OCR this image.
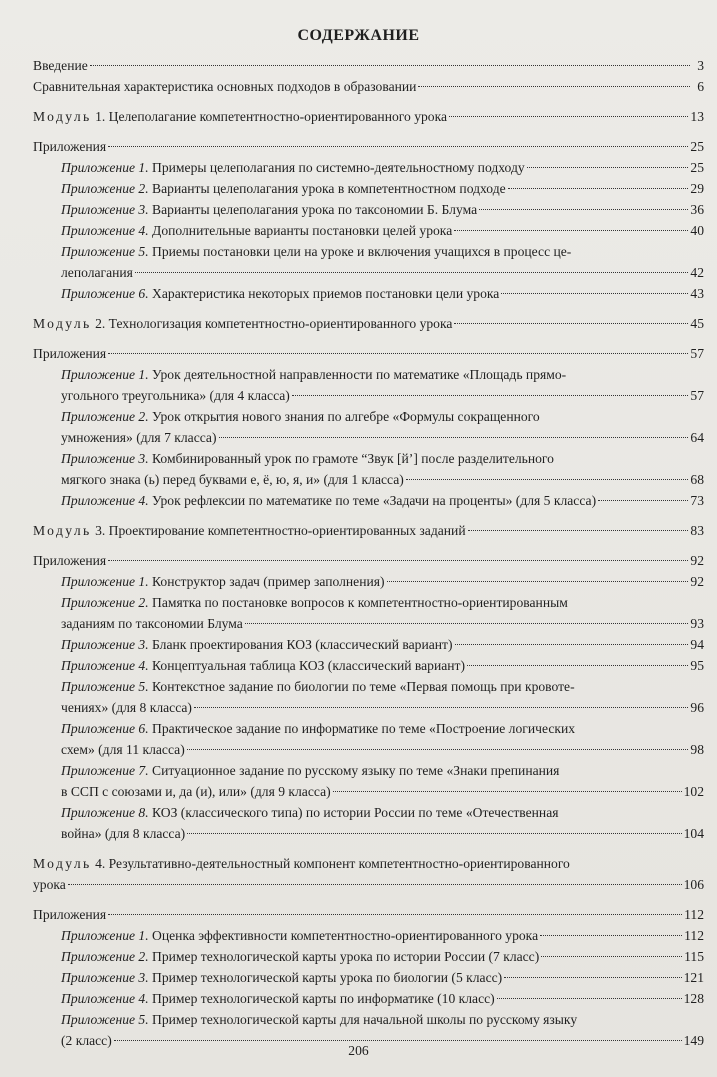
СОДЕРЖАНИЕ
Введение	3
Сравнительная характеристика основных подходов в образовании	6
Модуль 1. Целеполагание компетентностно-ориентированного урока	13
Приложения	25
Приложение 1. Примеры целеполагания по системно-деятельностному подходу	25
Приложение 2. Варианты целеполагания урока в компетентностном подходе	29
Приложение 3. Варианты целеполагания урока по таксономии Б. Блума	36
Приложение 4. Дополнительные варианты постановки целей урока	40
Приложение 5. Приемы постановки цели на уроке и включения учащихся в процесс це-
леполагания	42
Приложение 6. Характеристика некоторых приемов постановки цели урока	43
Модуль 2. Технологизация компетентностно-ориентированного урока	45
Приложения	57
Приложение 1. Урок деятельностной направленности по математике «Площадь прямо-
угольного треугольника» (для 4 класса)	57
Приложение 2. Урок открытия нового знания по алгебре «Формулы сокращенного
умножения» (для 7 класса)	64
Приложение 3. Комбинированный урок по грамоте “Звук [й’] после разделительного
мягкого знака (ь) перед буквами е, ё, ю, я, и» (для 1 класса)	68
Приложение 4. Урок рефлексии по математике по теме «Задачи на проценты» (для 5 класса)	73
Модуль 3. Проектирование компетентностно-ориентированных заданий	83
Приложения	92
Приложение 1. Конструктор задач (пример заполнения)	92
Приложение 2. Памятка по постановке вопросов к компетентностно-ориентированным
заданиям по таксономии Блума	93
Приложение 3. Бланк проектирования КОЗ (классический вариант)	94
Приложение 4. Концептуальная таблица КОЗ (классический вариант)	95
Приложение 5. Контекстное задание по биологии по теме «Первая помощь при кровоте-
чениях» (для 8 класса)	96
Приложение 6. Практическое задание по информатике по теме «Построение логических
схем» (для 11 класса)	98
Приложение 7. Ситуационное задание по русскому языку по теме «Знаки препинания
в ССП с союзами и, да (и), или» (для 9 класса)	102
Приложение 8. КОЗ (классического типа) по истории России по теме «Отечественная
война» (для 8 класса)	104
Модуль 4. Результативно-деятельностный компонент компетентностно-ориентированного
урока	106
Приложения	112
Приложение 1. Оценка эффективности компетентностно-ориентированного урока	112
Приложение 2. Пример технологической карты урока по истории России (7 класс)	115
Приложение 3. Пример технологической карты урока по биологии (5 класс)	121
Приложение 4. Пример технологической карты по информатике (10 класс)	128
Приложение 5. Пример технологической карты для начальной школы по русскому языку
(2 класс)	149
206
